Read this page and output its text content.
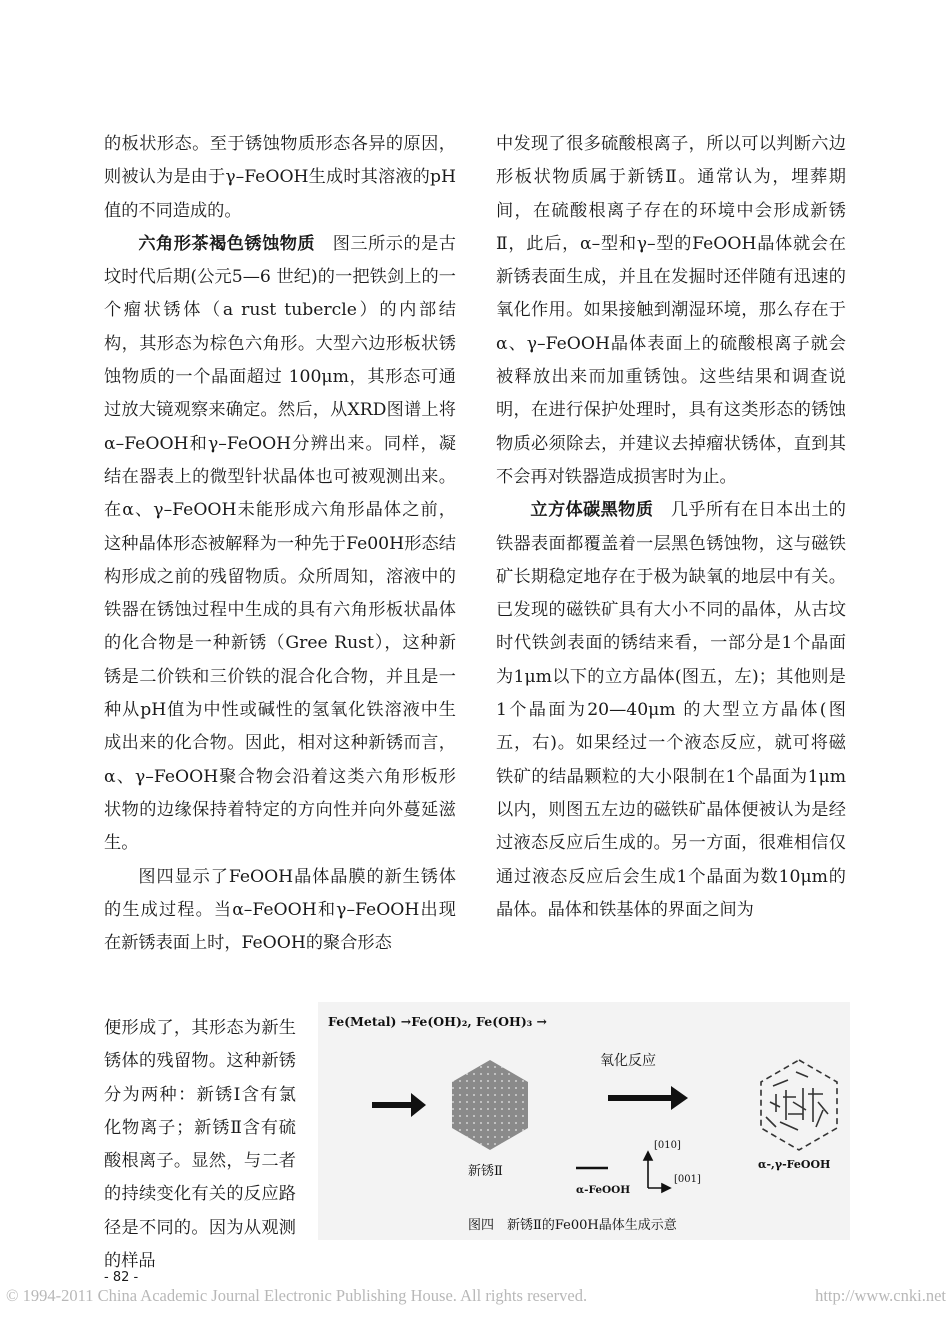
的板状形态。至于锈蚀物质形态各异的原因，则被认为是由于γ–FeOOH生成时其溶液的pH值的不同造成的。

六角形茶褐色锈蚀物质　 图三所示的是古坟时代后期(公元5—6 世纪)的一把铁剑上的一个瘤状锈体（a rust tubercle）的内部结构，其形态为棕色六角形。大型六边形板状锈蚀物质的一个晶面超过 100μm，其形态可通过放大镜观察来确定。然后，从XRD图谱上将α–FeOOH和γ–FeOOH分辨出来。同样，凝结在器表上的微型针状晶体也可被观测出来。在α、γ–FeOOH未能形成六角形晶体之前，这种晶体形态被解释为一种先于Fe00H形态结构形成之前的残留物质。众所周知，溶液中的铁器在锈蚀过程中生成的具有六角形板状晶体的化合物是一种新锈（Gree Rust），这种新锈是二价铁和三价铁的混合化合物，并且是一种从pH值为中性或碱性的氢氧化铁溶液中生成出来的化合物。因此，相对这种新锈而言，α、γ–FeOOH聚合物会沿着这类六角形板形状物的边缘保持着特定的方向性并向外蔓延滋生。

图四显示了FeOOH晶体晶膜的新生锈体的生成过程。当α–FeOOH和γ–FeOOH出现在新锈表面上时，FeOOH的聚合形态

便形成了，其形态为新生锈体的残留物。这种新锈分为两种：新锈Ⅰ含有氯化物离子；新锈Ⅱ含有硫酸根离子。显然，与二者的持续变化有关的反应路径是不同的。因为从观测的样品

中发现了很多硫酸根离子，所以可以判断六边形板状物质属于新锈Ⅱ。通常认为，埋葬期间，在硫酸根离子存在的环境中会形成新锈Ⅱ，此后，α–型和γ–型的FeOOH晶体就会在新锈表面生成，并且在发掘时还伴随有迅速的氧化作用。如果接触到潮湿环境，那么存在于α、γ–FeOOH晶体表面上的硫酸根离子就会被释放出来而加重锈蚀。这些结果和调查说明，在进行保护处理时，具有这类形态的锈蚀物质必须除去，并建议去掉瘤状锈体，直到其不会再对铁器造成损害时为止。

立方体碳黑物质　 几乎所有在日本出土的铁器表面都覆盖着一层黑色锈蚀物，这与磁铁矿长期稳定地存在于极为缺氧的地层中有关。已发现的磁铁矿具有大小不同的晶体，从古坟时代铁剑表面的锈结来看，一部分是1个晶面为1μm以下的立方晶体(图五，左)；其他则是1个晶面为20—40μm 的大型立方晶体(图五，右)。如果经过一个液态反应，就可将磁铁矿的结晶颗粒的大小限制在1个晶面为1μm以内，则图五左边的磁铁矿晶体便被认为是经过液态反应后生成的。另一方面，很难相信仅通过液态反应后会生成1个晶面为数10μm的晶体。晶体和铁基体的界面之间为

Fe(Metal) →Fe(OH)₂, Fe(OH)₃ →
氧化反应
新锈Ⅱ
[010]
[001]
α-FeOOH
α-,γ-FeOOH
图四　新锈Ⅱ的Fe00H晶体生成示意
- 82 -
© 1994-2011 China Academic Journal Electronic Publishing House. All rights reserved.	http://www.cnki.net
